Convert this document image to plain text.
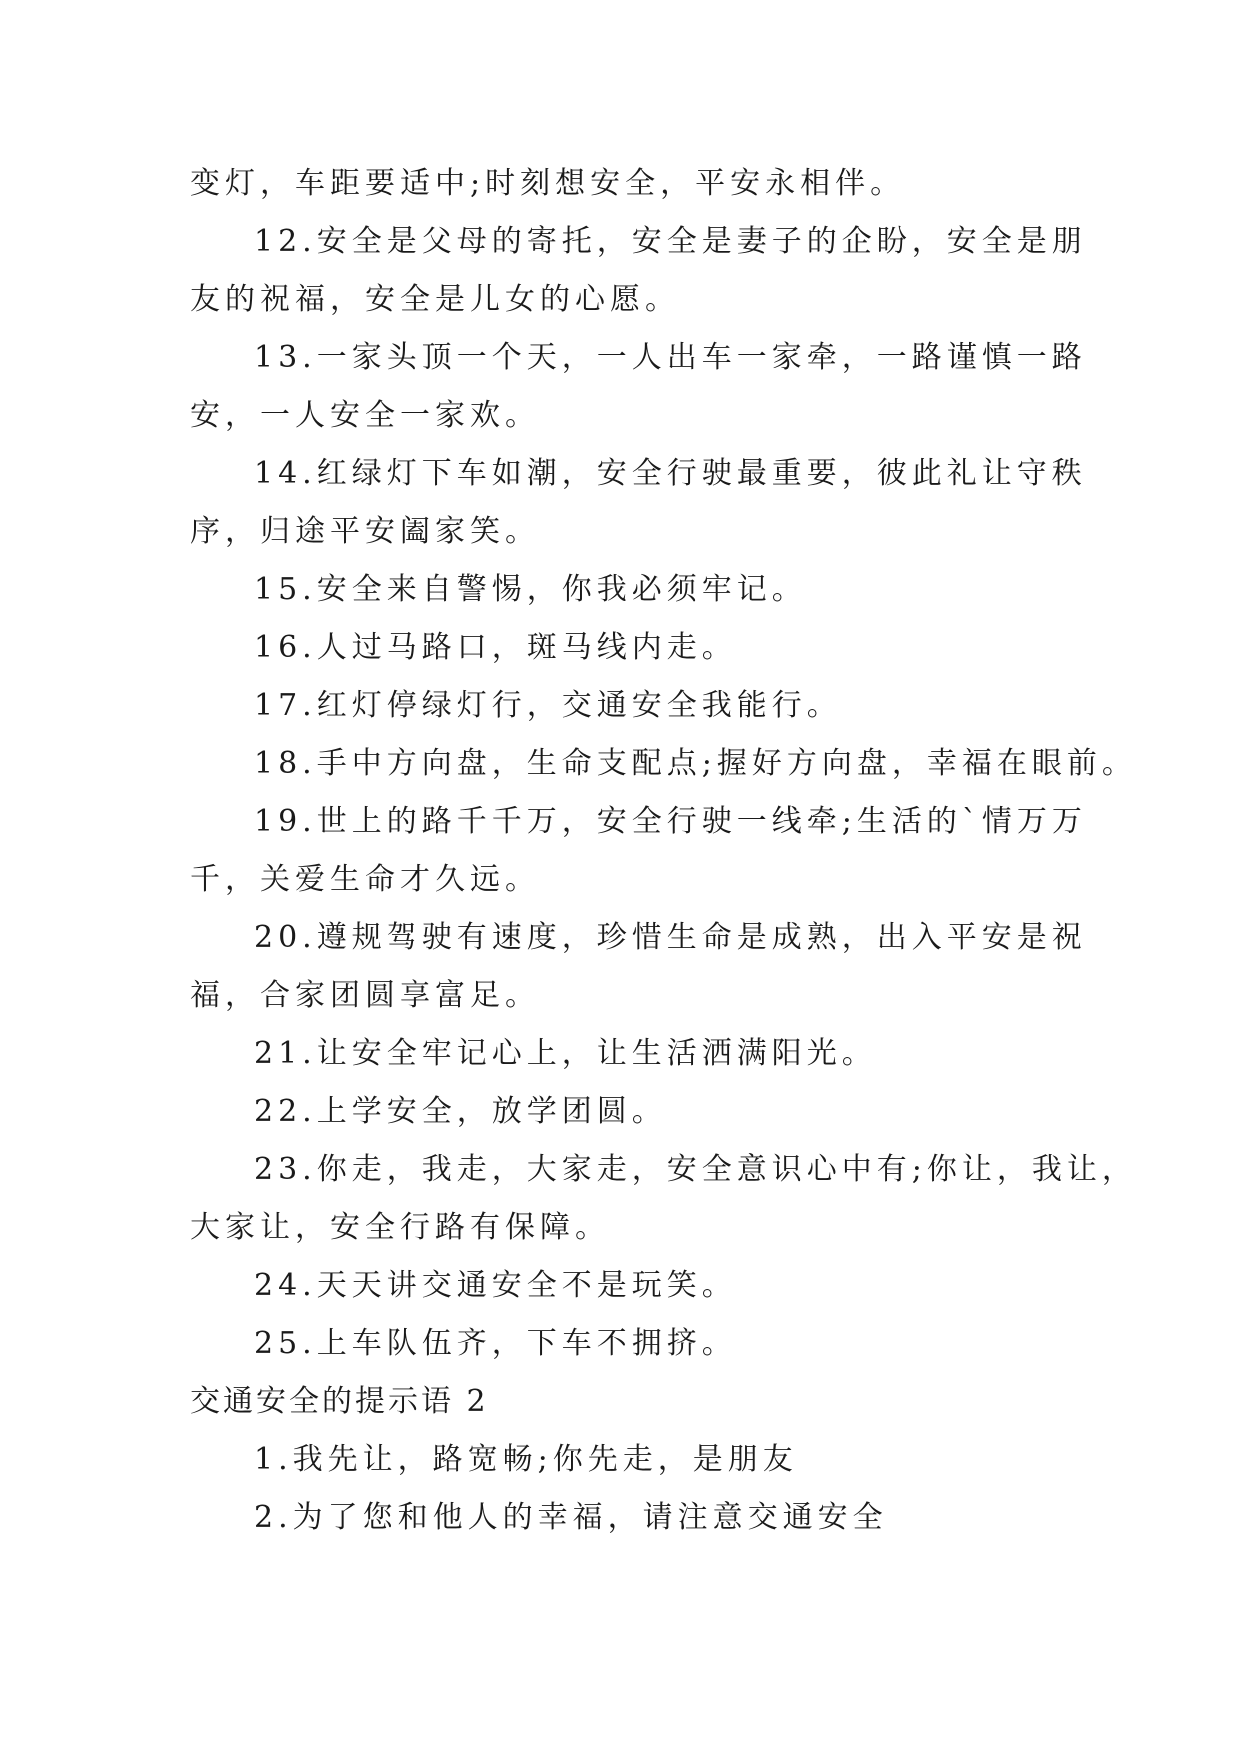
变灯，车距要适中;时刻想安全，平安永相伴。
12.安全是父母的寄托，安全是妻子的企盼，安全是朋
友的祝福，安全是儿女的心愿。
13.一家头顶一个天，一人出车一家牵，一路谨慎一路
安，一人安全一家欢。
14.红绿灯下车如潮，安全行驶最重要，彼此礼让守秩
序，归途平安阖家笑。
15.安全来自警惕，你我必须牢记。
16.人过马路口，斑马线内走。
17.红灯停绿灯行，交通安全我能行。
18.手中方向盘，生命支配点;握好方向盘，幸福在眼前。
19.世上的路千千万，安全行驶一线牵;生活的`情万万
千，关爱生命才久远。
20.遵规驾驶有速度，珍惜生命是成熟，出入平安是祝
福，合家团圆享富足。
21.让安全牢记心上，让生活洒满阳光。
22.上学安全，放学团圆。
23.你走，我走，大家走，安全意识心中有;你让，我让，
大家让，安全行路有保障。
24.天天讲交通安全不是玩笑。
25.上车队伍齐，下车不拥挤。
交通安全的提示语 2
1.我先让，路宽畅;你先走，是朋友
2.为了您和他人的幸福，请注意交通安全
